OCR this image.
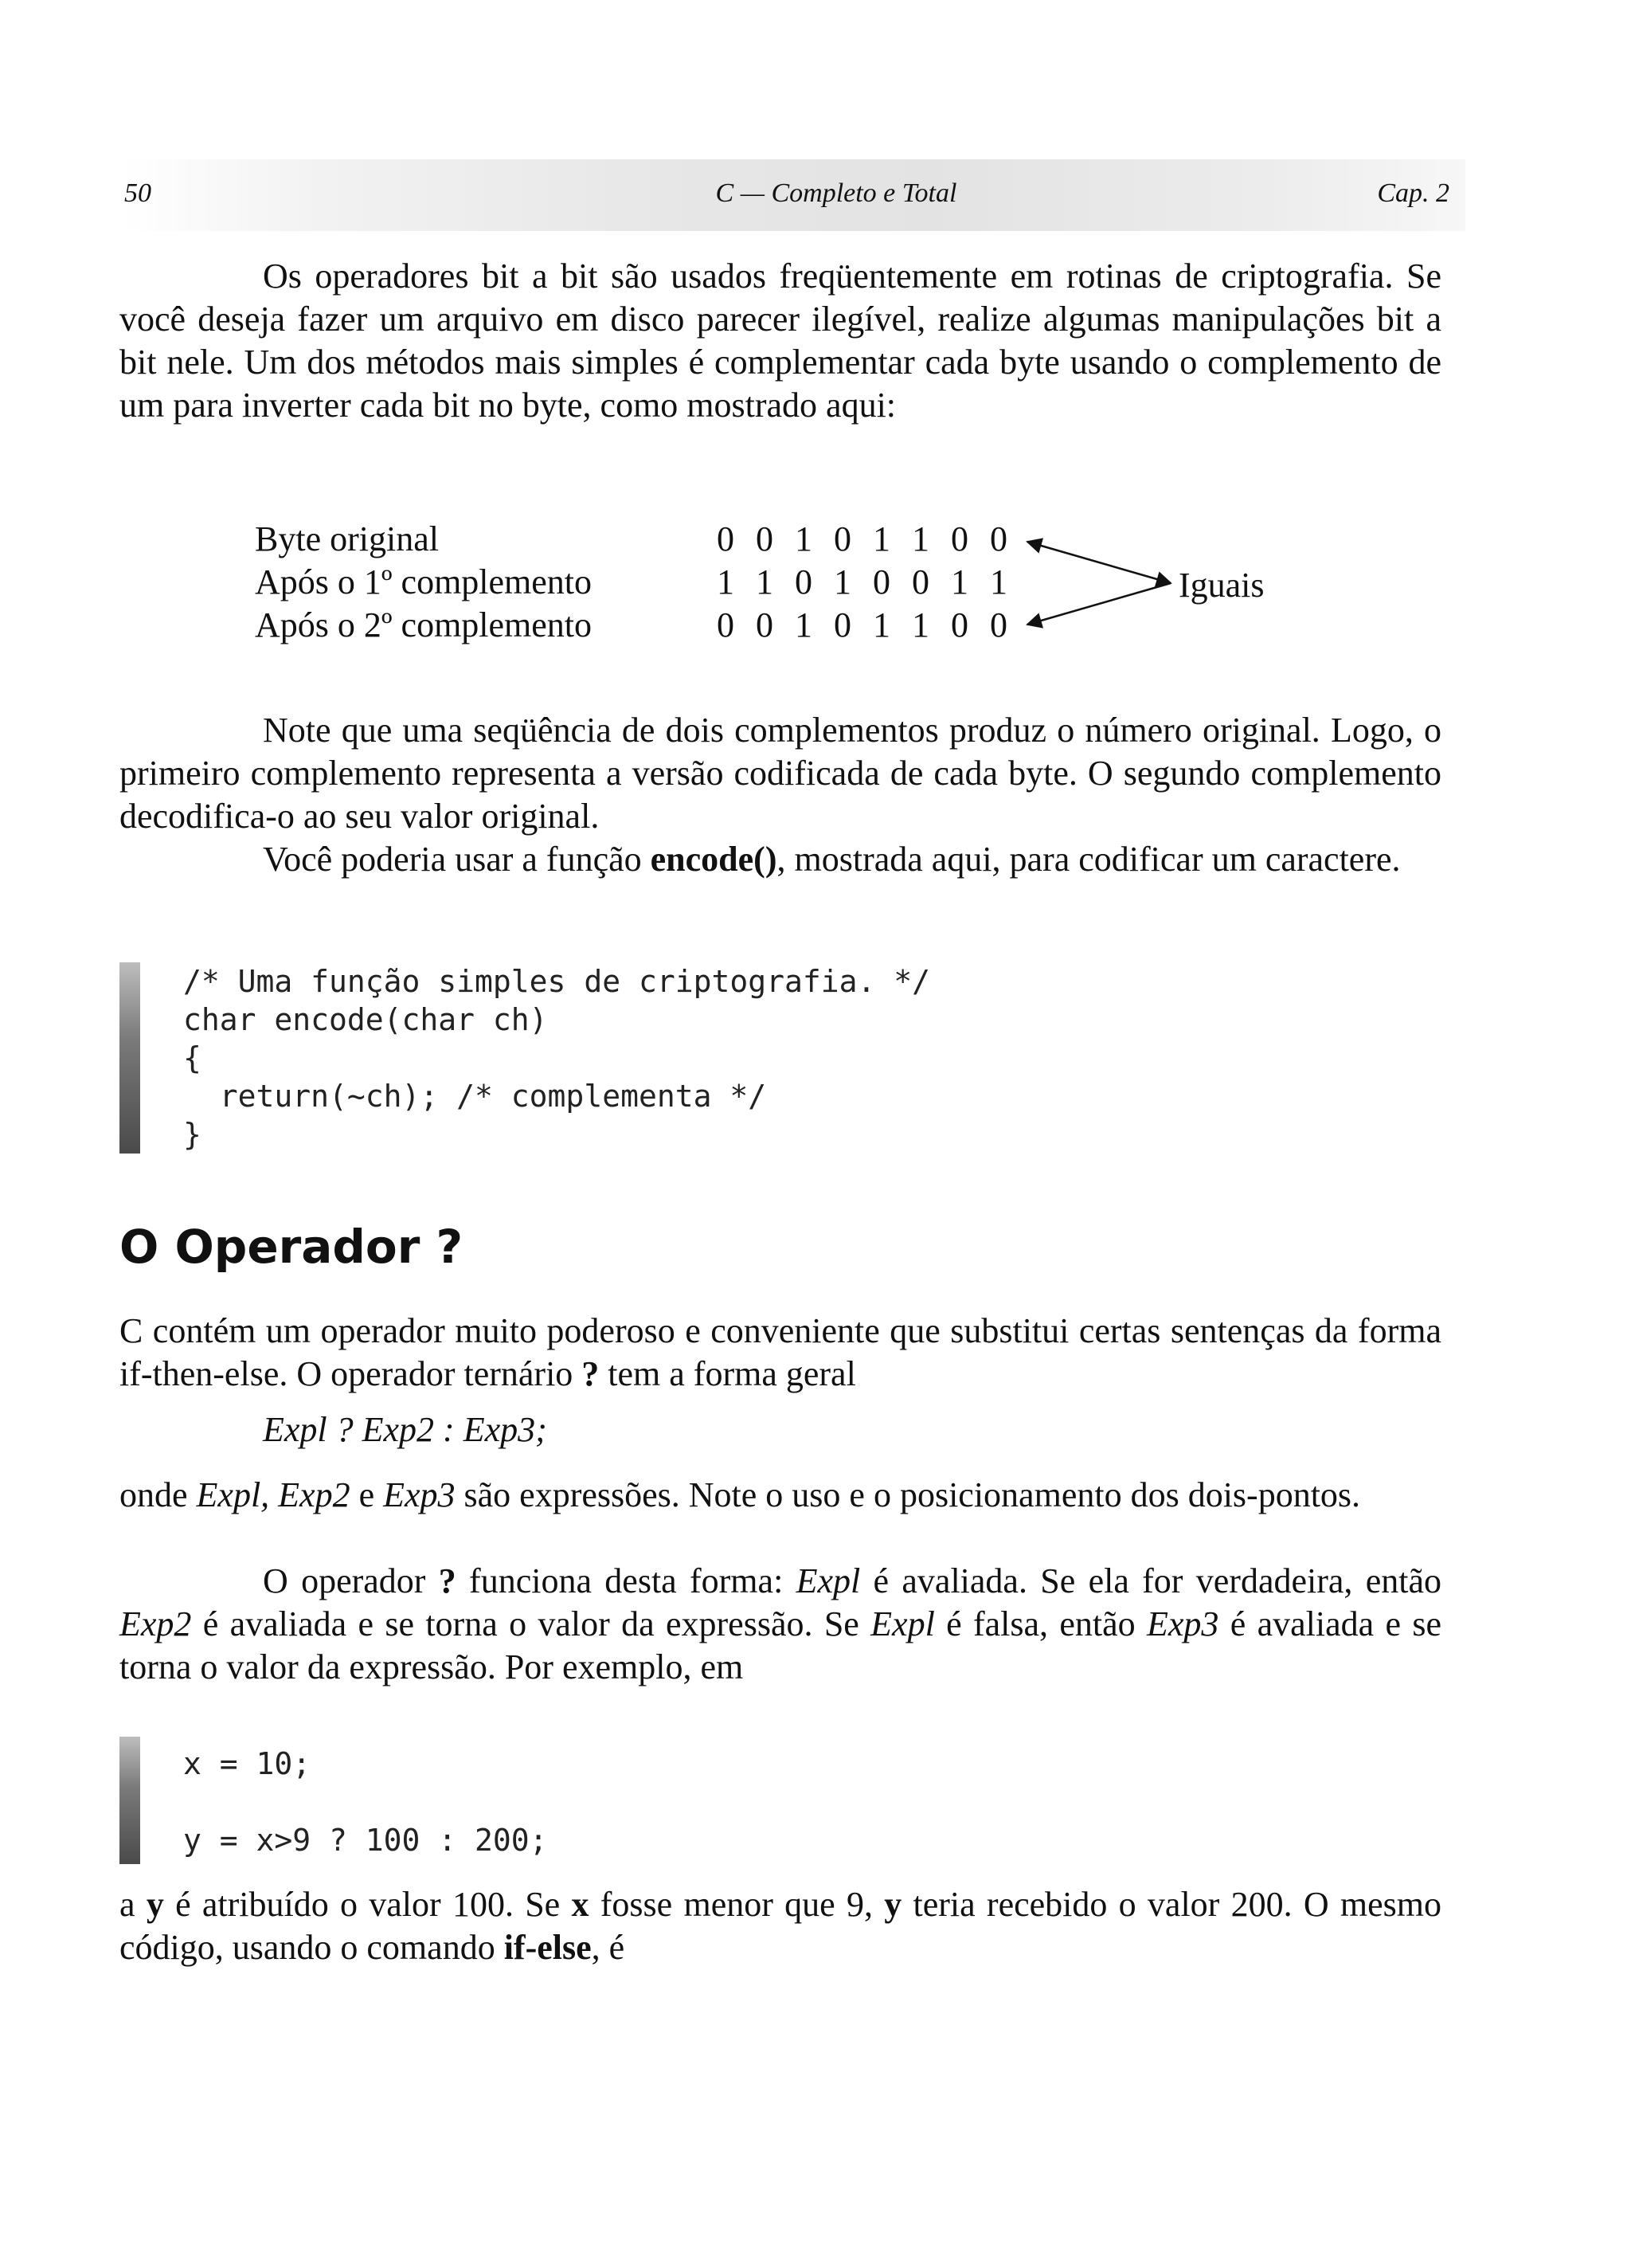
50	C — Completo e Total	Cap. 2

Os operadores bit a bit são usados freqüentemente em rotinas de criptografia. Se você deseja fazer um arquivo em disco parecer ilegível, realize algumas manipulações bit a bit nele. Um dos métodos mais simples é complementar cada byte usando o complemento de um para inverter cada bit no byte, como mostrado aqui:

Byte original	0 0 1 0 1 1 0 0
Após o 1º complemento	1 1 0 1 0 0 1 1
Após o 2º complemento	0 0 1 0 1 1 0 0
Iguais

Note que uma seqüência de dois complementos produz o número original. Logo, o primeiro complemento representa a versão codificada de cada byte. O segundo complemento decodifica-o ao seu valor original.

Você poderia usar a função encode(), mostrada aqui, para codificar um caractere.

/* Uma função simples de criptografia. */
char encode(char ch)
{
return(~ch); /* complementa */
}
O Operador ?

C contém um operador muito poderoso e conveniente que substitui certas sentenças da forma if-then-else. O operador ternário ? tem a forma geral

Expl ? Exp2 : Exp3;

onde Expl, Exp2 e Exp3 são expressões. Note o uso e o posicionamento dos dois-pontos.

O operador ? funciona desta forma: Expl é avaliada. Se ela for verdadeira, então Exp2 é avaliada e se torna o valor da expressão. Se Expl é falsa, então Exp3 é avaliada e se torna o valor da expressão. Por exemplo, em

x = 10;

y = x>9 ? 100 : 200;

a y é atribuído o valor 100. Se x fosse menor que 9, y teria recebido o valor 200. O mesmo código, usando o comando if-else, é
